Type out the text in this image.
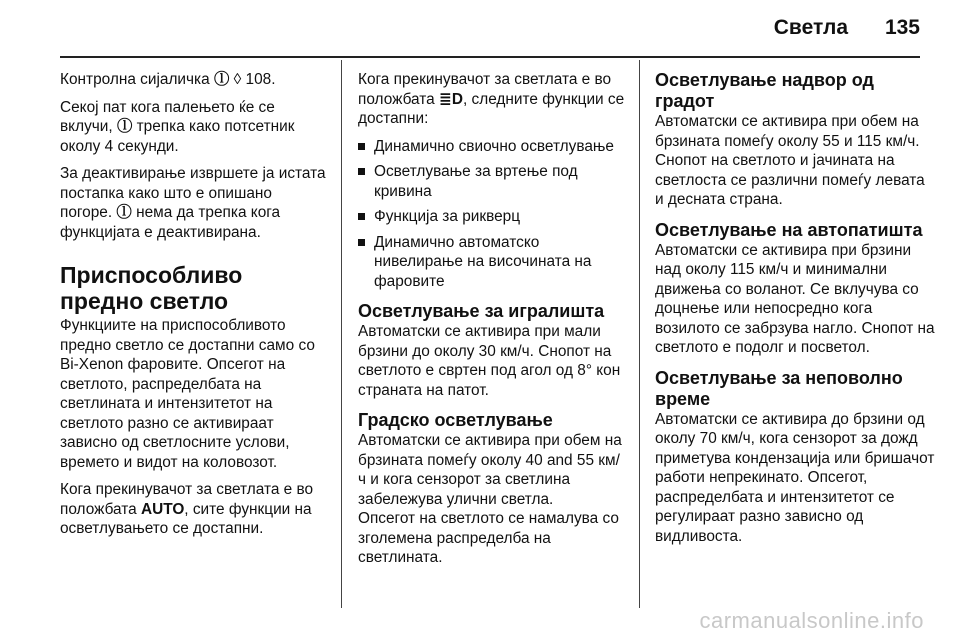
Светла 135

Контролна сијаличка ⓛ ◊ 108.

Секој пат кога палењето ќе се вклучи, ⓛ трепка како потсетник околу 4 секунди.

За деактивирање извршете ја истата постапка како што е опишано погоре. ⓛ нема да трепка кога функцијата е деактивирана.

Приспособливо предно светло

Функциите на приспособливото предно светло се достапни само со Bi-Xenon фаровите. Опсегот на светлото, распределбата на светлината и интензитетот на светлото разно се активираат зависно од светлосните услови, времето и видот на коловозот.

Кога прекинувачот за светлата е во положбата AUTO, сите функции на осветлувањето се достапни.

Кога прекинувачот за светлата е во положбата ≣D, следните функции се достапни:

Динамично свиочно осветлување
Осветлување за вртење под кривина
Функција за рикверц
Динамично автоматско нивелирање на височината на фаровите
Осветлување за игралишта

Автоматски се активира при мали брзини до околу 30 км/ч. Снопот на светлото е свртен под агол од 8° кон страната на патот.

Градско осветлување

Автоматски се активира при обем на брзината помеѓу околу 40 and 55 км/ч и кога сензорот за светлина забележува улични светла.

Опсегот на светлото се намалува со зголемена распределба на светлината.

Осветлување надвор од градот

Автоматски се активира при обем на брзината помеѓу околу 55 и 115 км/ч. Снопот на светлото и јачината на светлоста се различни помеѓу левата и десната страна.

Осветлување на автопатишта

Автоматски се активира при брзини над околу 115 км/ч и минимални движења со воланот. Се вклучува со доцнење или непосредно кога возилото се забрзува нагло. Снопот на светлото е подолг и посветол.

Осветлување за неповолно време

Автоматски се активира до брзини од околу 70 км/ч, кога сензорот за дожд приметува кондензација или бришачот работи непрекинато. Опсегот, распределбата и интензитетот се регулираат разно зависно од видливоста.

carmanualsonline.info
